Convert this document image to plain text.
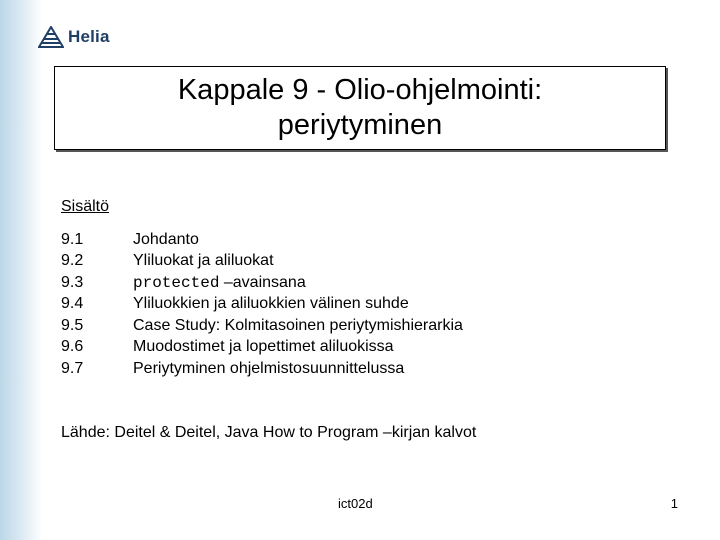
Helia
Kappale 9 - Olio-ohjelmointi:
periytyminen
Sisältö
9.1	Johdanto
9.2	Yliluokat ja aliluokat
9.3	protected –avainsana
9.4	Yliluokkien ja aliluokkien välinen suhde
9.5	Case Study: Kolmitasoinen periytymishierarkia
9.6	Muodostimet ja lopettimet aliluokissa
9.7	Periytyminen ohjelmistosuunnittelussa
Lähde: Deitel & Deitel, Java How to Program –kirjan kalvot
ict02d	1
